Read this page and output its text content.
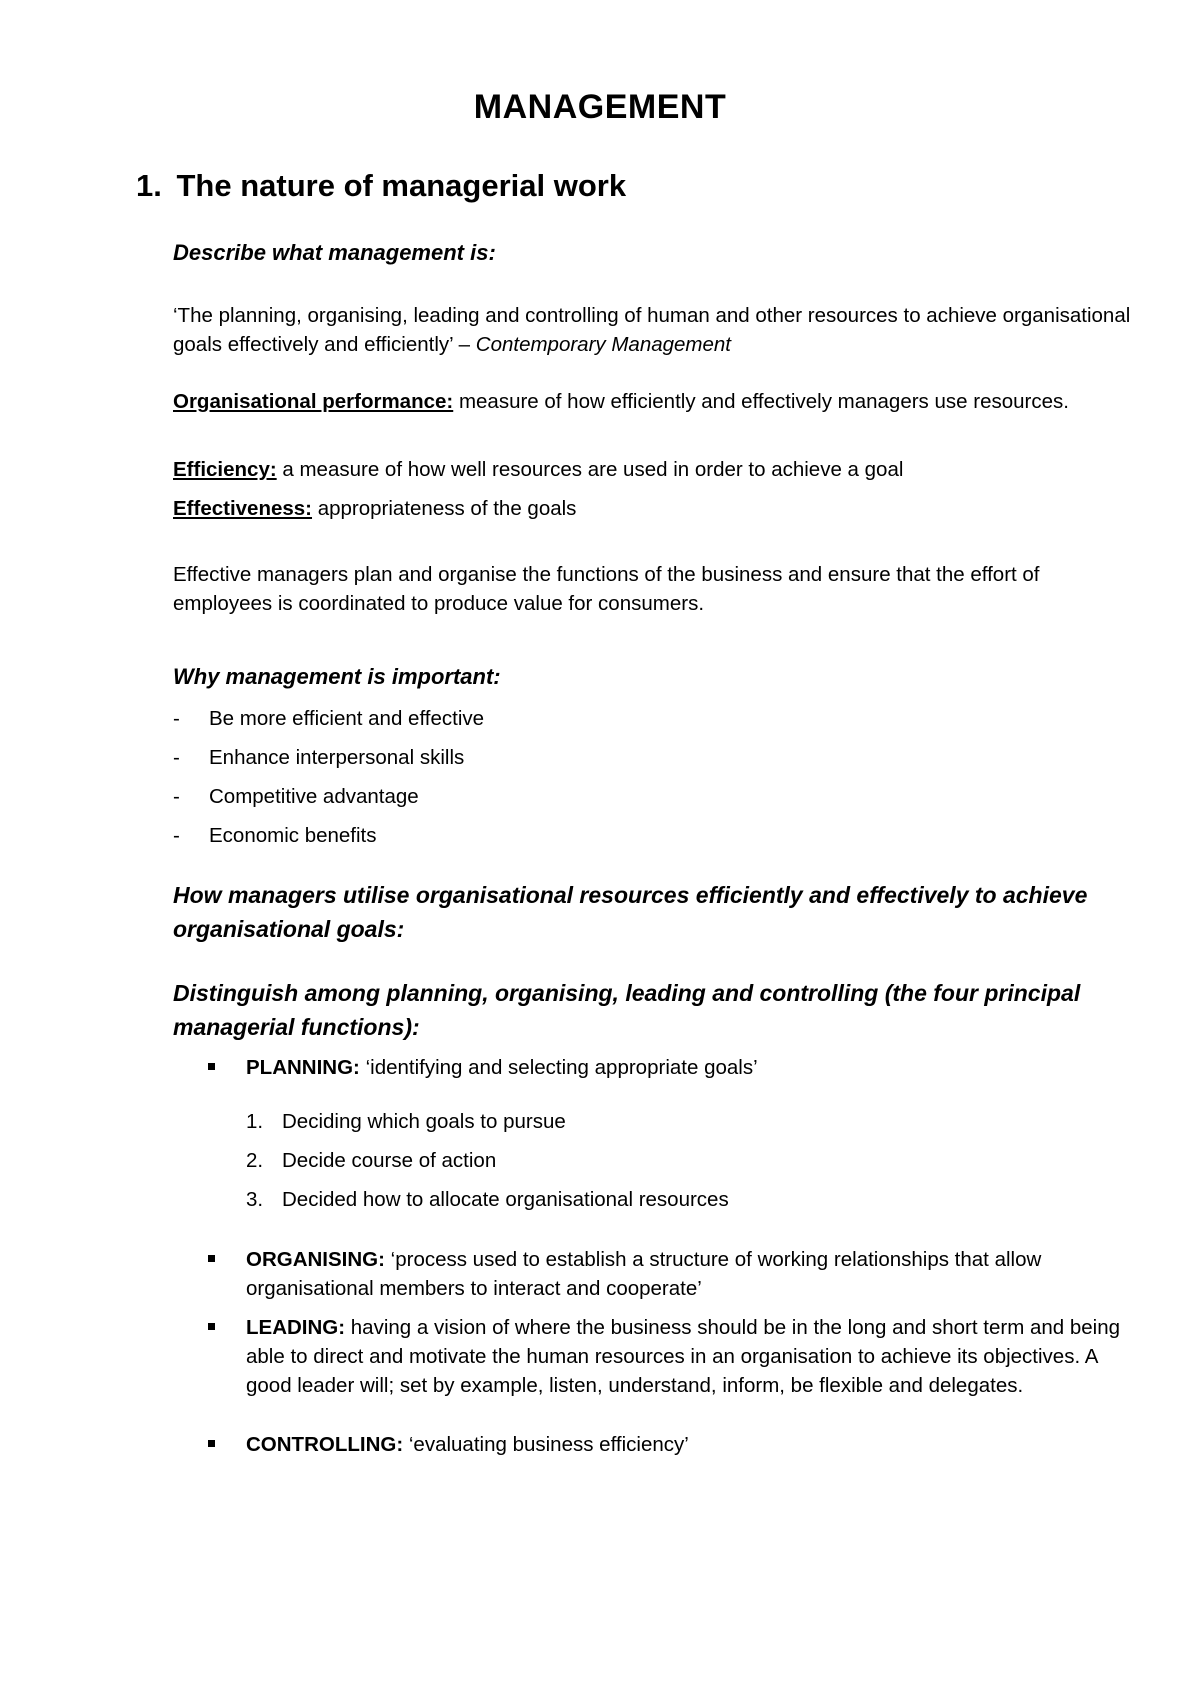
MANAGEMENT
1. The nature of managerial work
Describe what management is:
‘The planning, organising, leading and controlling of human and other resources to achieve organisational goals effectively and efficiently’ – Contemporary Management
Organisational performance: measure of how efficiently and effectively managers use resources.
Efficiency: a measure of how well resources are used in order to achieve a goal
Effectiveness: appropriateness of the goals
Effective managers plan and organise the functions of the business and ensure that the effort of employees is coordinated to produce value for consumers.
Why management is important:
- Be more efficient and effective
- Enhance interpersonal skills
- Competitive advantage
- Economic benefits
How managers utilise organisational resources efficiently and effectively to achieve organisational goals:
Distinguish among planning, organising, leading and controlling (the four principal managerial functions):
PLANNING: ‘identifying and selecting appropriate goals’
1. Deciding which goals to pursue
2. Decide course of action
3. Decided how to allocate organisational resources
ORGANISING: ‘process used to establish a structure of working relationships that allow organisational members to interact and cooperate’
LEADING: having a vision of where the business should be in the long and short term and being able to direct and motivate the human resources in an organisation to achieve its objectives. A good leader will; set by example, listen, understand, inform, be flexible and delegates.
CONTROLLING: ‘evaluating business efficiency’
